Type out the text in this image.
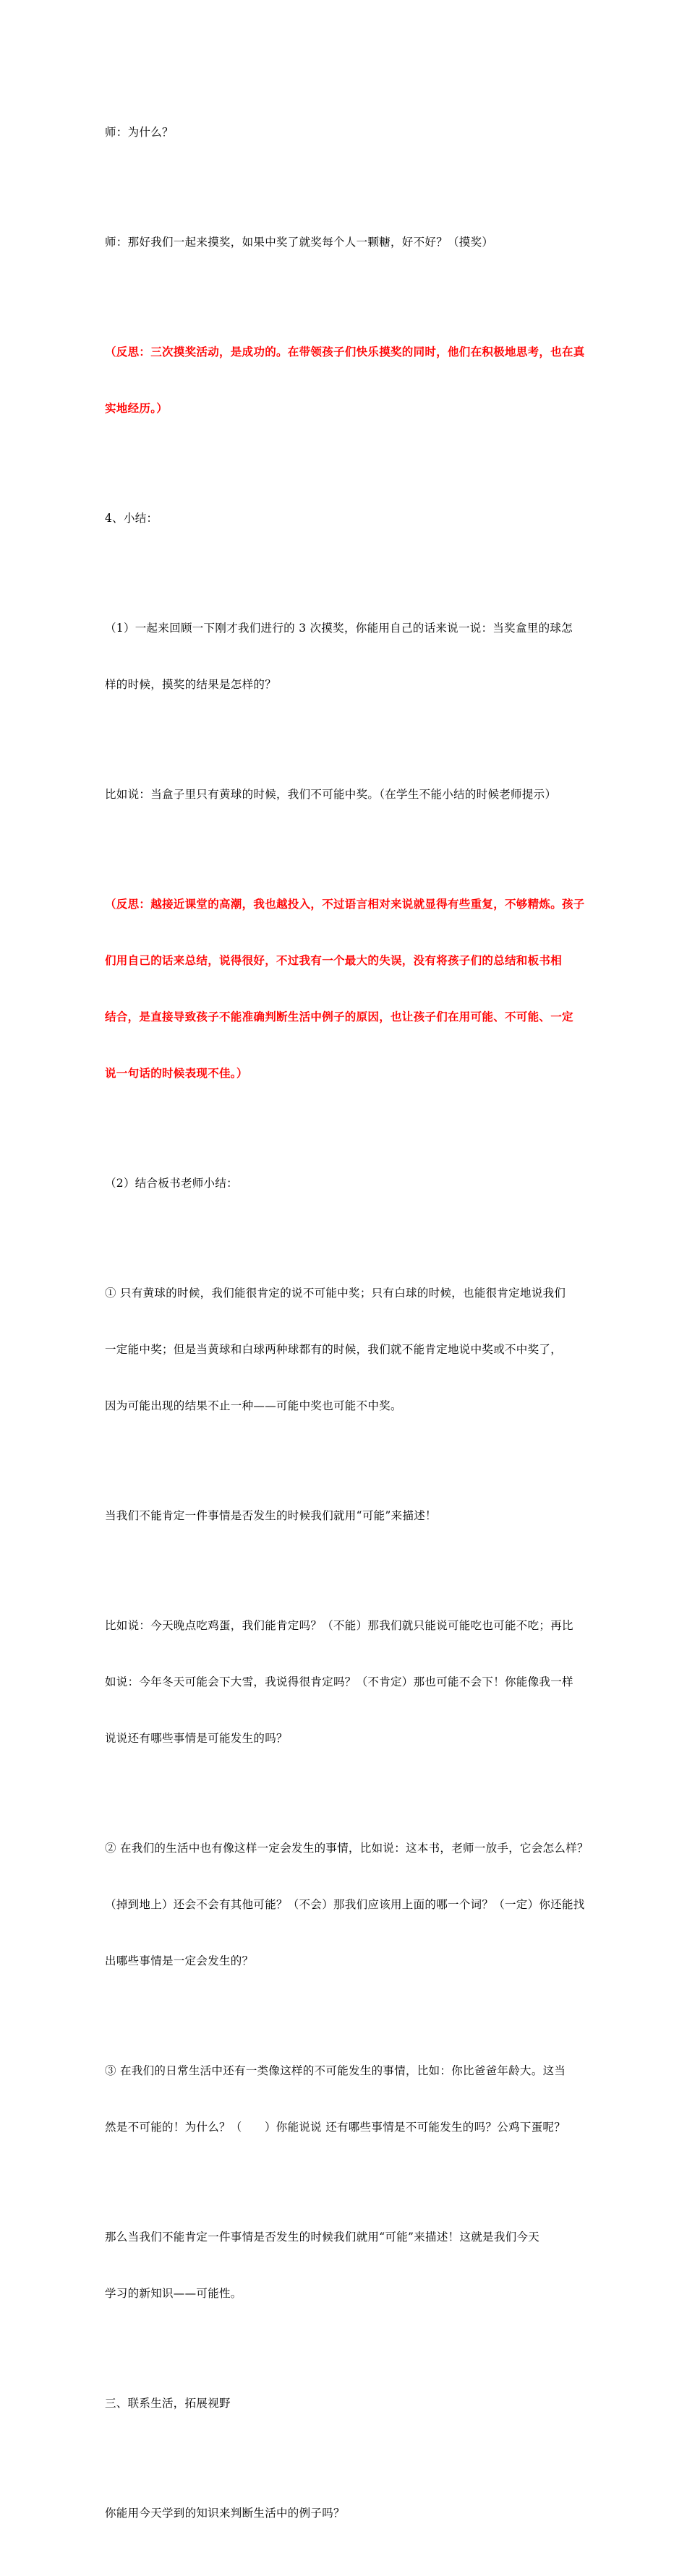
师：为什么？

师：那好我们一起来摸奖，如果中奖了就奖每个人一颗糖，好不好？（摸奖）

（反思：三次摸奖活动，是成功的。在带领孩子们快乐摸奖的同时，他们在积极地思考，也在真

实地经历。）

4、小结：

（1）一起来回顾一下刚才我们进行的 3 次摸奖，你能用自己的话来说一说：当奖盒里的球怎

样的时候，摸奖的结果是怎样的？

比如说：当盒子里只有黄球的时候，我们不可能中奖。（在学生不能小结的时候老师提示）

（反思：越接近课堂的高潮，我也越投入，不过语言相对来说就显得有些重复，不够精炼。孩子

们用自己的话来总结，说得很好，不过我有一个最大的失误，没有将孩子们的总结和板书相

结合，是直接导致孩子不能准确判断生活中例子的原因，也让孩子们在用可能、不可能、一定

说一句话的时候表现不佳。）

（2）结合板书老师小结：

① 只有黄球的时候，我们能很肯定的说不可能中奖；只有白球的时候，也能很肯定地说我们

一定能中奖；但是当黄球和白球两种球都有的时候，我们就不能肯定地说中奖或不中奖了，

因为可能出现的结果不止一种——可能中奖也可能不中奖。

当我们不能肯定一件事情是否发生的时候我们就用“可能”来描述！

比如说：今天晚点吃鸡蛋，我们能肯定吗？（不能）那我们就只能说可能吃也可能不吃；再比

如说：今年冬天可能会下大雪，我说得很肯定吗？（不肯定）那也可能不会下！你能像我一样

说说还有哪些事情是可能发生的吗？

② 在我们的生活中也有像这样一定会发生的事情，比如说：这本书，老师一放手，它会怎么样？

（掉到地上）还会不会有其他可能？（不会）那我们应该用上面的哪一个词？（一定）你还能找

出哪些事情是一定会发生的？

③ 在我们的日常生活中还有一类像这样的不可能发生的事情，比如：你比爸爸年龄大。这当

然是不可能的！为什么？（      ）你能说说 还有哪些事情是不可能发生的吗？公鸡下蛋呢？

那么当我们不能肯定一件事情是否发生的时候我们就用“可能”来描述！这就是我们今天

学习的新知识——可能性。

三、联系生活，拓展视野

你能用今天学到的知识来判断生活中的例子吗？
